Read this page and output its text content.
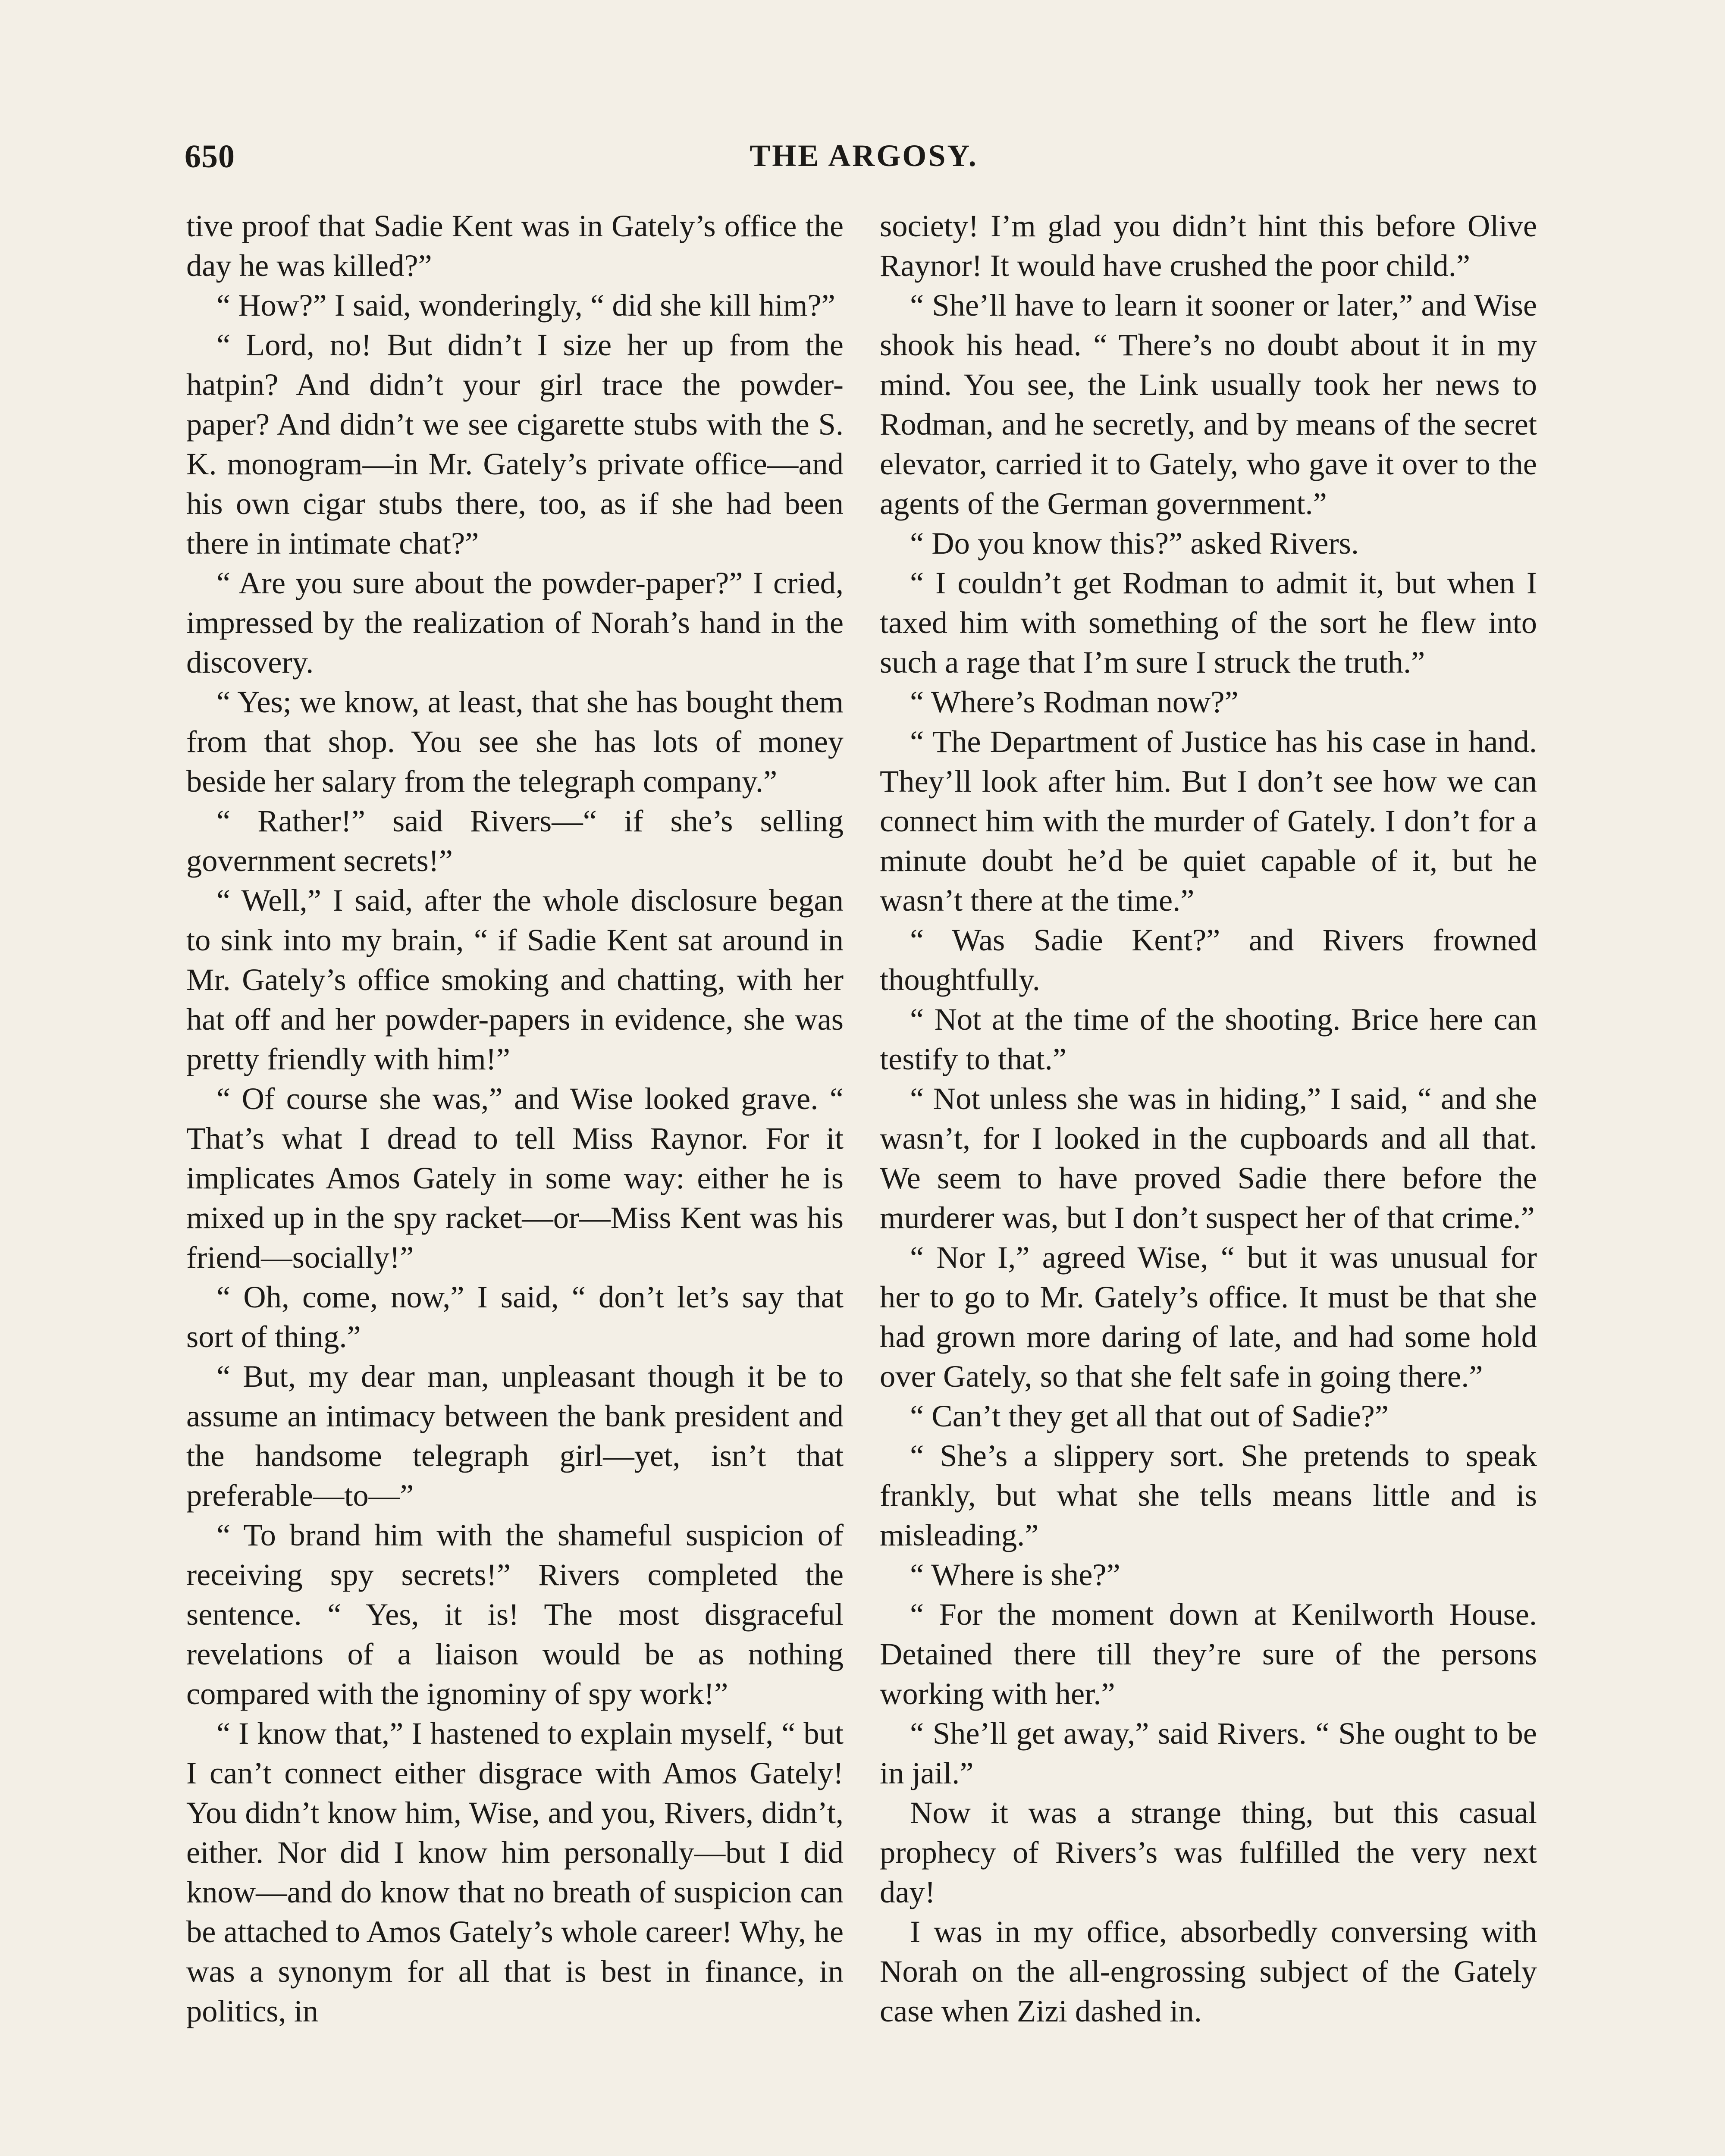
650	THE ARGOSY.

tive proof that Sadie Kent was in Gately’s office the day he was killed?”

“ How?” I said, wonderingly, “ did she kill him?”

“ Lord, no! But didn’t I size her up from the hatpin? And didn’t your girl trace the powder-paper? And didn’t we see cigarette stubs with the S. K. monogram—in Mr. Gately’s private office—and his own cigar stubs there, too, as if she had been there in intimate chat?”

“ Are you sure about the powder-paper?” I cried, impressed by the realization of Norah’s hand in the discovery.

“ Yes; we know, at least, that she has bought them from that shop. You see she has lots of money beside her salary from the telegraph company.”

“ Rather!” said Rivers—“ if she’s selling government secrets!”

“ Well,” I said, after the whole disclosure began to sink into my brain, “ if Sadie Kent sat around in Mr. Gately’s office smoking and chatting, with her hat off and her powder-papers in evidence, she was pretty friendly with him!”

“ Of course she was,” and Wise looked grave. “ That’s what I dread to tell Miss Raynor. For it implicates Amos Gately in some way: either he is mixed up in the spy racket—or—Miss Kent was his friend—socially!”

“ Oh, come, now,” I said, “ don’t let’s say that sort of thing.”

“ But, my dear man, unpleasant though it be to assume an intimacy between the bank president and the handsome telegraph girl—yet, isn’t that preferable—to—”

“ To brand him with the shameful suspicion of receiving spy secrets!” Rivers completed the sentence. “ Yes, it is! The most disgraceful revelations of a liaison would be as nothing compared with the ignominy of spy work!”

“ I know that,” I hastened to explain myself, “ but I can’t connect either disgrace with Amos Gately! You didn’t know him, Wise, and you, Rivers, didn’t, either. Nor did I know him personally—but I did know—and do know that no breath of suspicion can be attached to Amos Gately’s whole career! Why, he was a synonym for all that is best in finance, in politics, in

society! I’m glad you didn’t hint this before Olive Raynor! It would have crushed the poor child.”

“ She’ll have to learn it sooner or later,” and Wise shook his head. “ There’s no doubt about it in my mind. You see, the Link usually took her news to Rodman, and he secretly, and by means of the secret elevator, carried it to Gately, who gave it over to the agents of the German government.”

“ Do you know this?” asked Rivers.

“ I couldn’t get Rodman to admit it, but when I taxed him with something of the sort he flew into such a rage that I’m sure I struck the truth.”

“ Where’s Rodman now?”

“ The Department of Justice has his case in hand. They’ll look after him. But I don’t see how we can connect him with the murder of Gately. I don’t for a minute doubt he’d be quiet capable of it, but he wasn’t there at the time.”

“ Was Sadie Kent?” and Rivers frowned thoughtfully.

“ Not at the time of the shooting. Brice here can testify to that.”

“ Not unless she was in hiding,” I said, “ and she wasn’t, for I looked in the cupboards and all that. We seem to have proved Sadie there before the murderer was, but I don’t suspect her of that crime.”

“ Nor I,” agreed Wise, “ but it was unusual for her to go to Mr. Gately’s office. It must be that she had grown more daring of late, and had some hold over Gately, so that she felt safe in going there.”

“ Can’t they get all that out of Sadie?”

“ She’s a slippery sort. She pretends to speak frankly, but what she tells means little and is misleading.”

“ Where is she?”

“ For the moment down at Kenilworth House. Detained there till they’re sure of the persons working with her.”

“ She’ll get away,” said Rivers. “ She ought to be in jail.”

Now it was a strange thing, but this casual prophecy of Rivers’s was fulfilled the very next day!

I was in my office, absorbedly conversing with Norah on the all-engrossing subject of the Gately case when Zizi dashed in.
